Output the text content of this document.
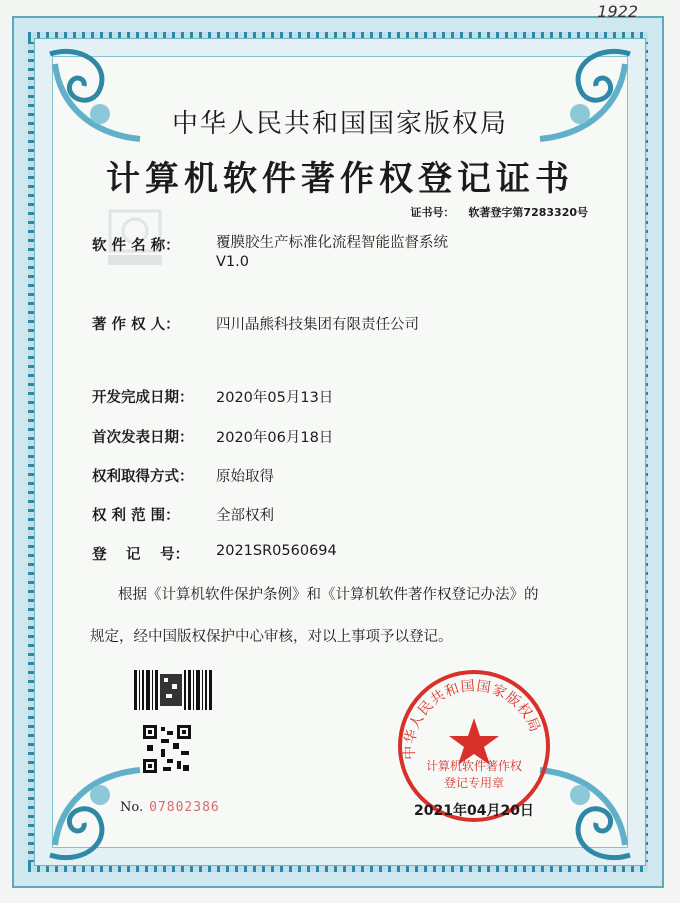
1922
中华人民共和国国家版权局
计算机软件著作权登记证书
证书号： 软著登字第7283320号
软 件 名 称：	覆膜胶生产标准化流程智能监督系统
V1.0
著 作 权 人：	四川晶熊科技集团有限责任公司
开发完成日期： 2020年05月13日
首次发表日期： 2020年06月18日
权利取得方式： 原始取得
权 利 范 围：	全部权利
登　 记　 号： 2021SR0560694
根据《计算机软件保护条例》和《计算机软件著作权登记办法》的
规定，经中国版权保护中心审核，对以上事项予以登记。
No. 07802386
中华人民共和国国家版权局
计算机软件著作权
登记专用章
2021年04月20日
